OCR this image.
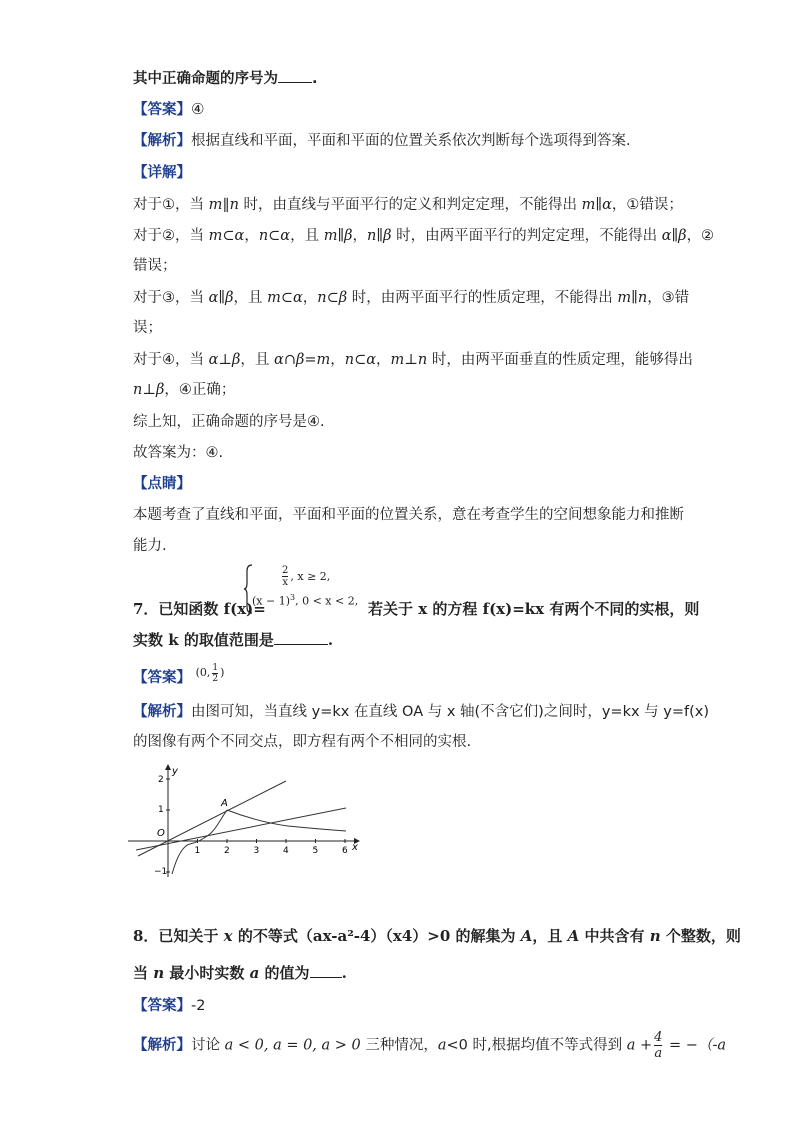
其中正确命题的序号为 .
【答案】④
【解析】根据直线和平面，平面和平面的位置关系依次判断每个选项得到答案.
【详解】
对于①，当 m∥n 时，由直线与平面平行的定义和判定定理，不能得出 m∥α，①错误；
对于②，当 m⊂α，n⊂α，且 m∥β，n∥β 时，由两平面平行的判定定理，不能得出 α∥β，②
错误；
对于③，当 α∥β，且 m⊂α，n⊂β 时，由两平面平行的性质定理，不能得出 m∥n，③错
误；
对于④，当 α⊥β，且 α∩β=m，n⊂α，m⊥n 时，由两平面垂直的性质定理，能够得出
n⊥β，④正确；
综上知，正确命题的序号是④.
故答案为：④.
【点睛】
本题考查了直线和平面，平面和平面的位置关系，意在考查学生的空间想象能力和推断
能力.
$\frac{2}{x}$ , x ≥ 2,
$(x - 1)^3$, 0 < x < 2,
7．已知函数 f(x)=	若关于 x 的方程 f(x)=kx 有两个不同的实根，则
实数 k 的取值范围是	.
【答案】 $^{(0, \frac{1}{2} )}$
【解析】由图可知，当直线 y=kx 在直线 OA 与 x 轴(不含它们)之间时，y=kx 与 y=f(x)
的图像有两个不同交点，即方程有两个不相同的实根.
y
x
O
1	2	3	4	5	6
2
1
−1
A
8．已知关于 x 的不等式（ax-a²-4）（x4）>0 的解集为 A，且 A 中共含有 n 个整数，则
当 n 最小时实数 a 的值为 .
【答案】-2
【解析】讨论 a < 0, a = 0, a > 0 三种情况，a<0 时,根据均值不等式得到 $a + \frac{4}{a} = -(-a$
